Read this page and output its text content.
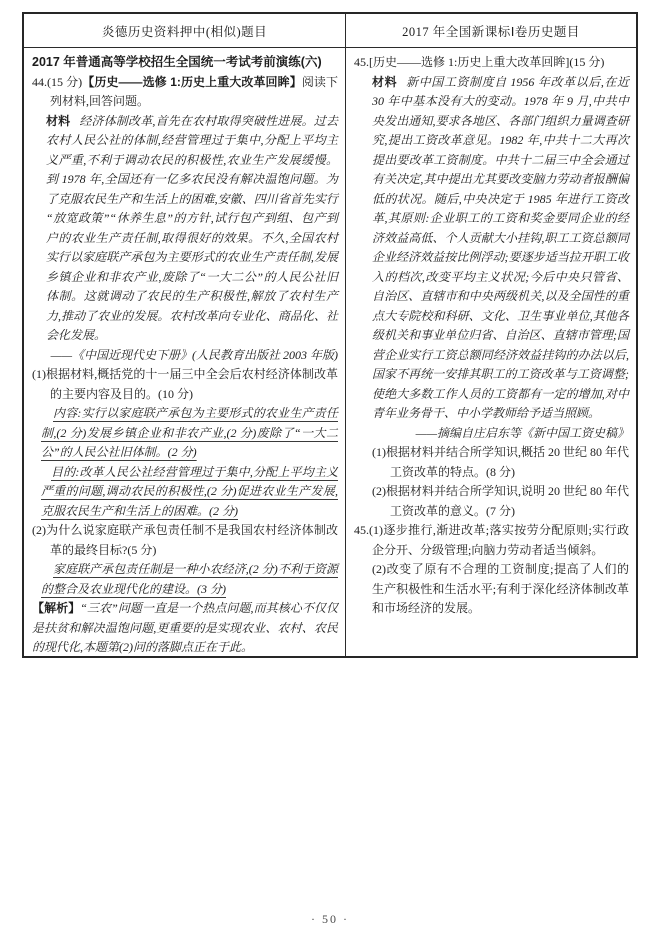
炎德历史资料押中(相似)题目	2017 年全国新课标Ⅰ卷历史题目

2017 年普通高等学校招生全国统一考试考前演练(六)

44.(15 分)【历史——选修 1:历史上重大改革回眸】阅读下列材料,回答问题。

材料 经济体制改革,首先在农村取得突破性进展。过去农村人民公社的体制,经营管理过于集中,分配上平均主义严重,不利于调动农民的积极性,农业生产发展缓慢。到 1978 年,全国还有一亿多农民没有解决温饱问题。为了克服农民生产和生活上的困难,安徽、四川省首先实行“放宽政策”“休养生息”的方针,试行包产到组、包产到户的农业生产责任制,取得很好的效果。不久,全国农村实行以家庭联产承包为主要形式的农业生产责任制,发展乡镇企业和非农产业,废除了“一大二公”的人民公社旧体制。这就调动了农民的生产积极性,解放了农村生产力,推动了农业的发展。农村改革向专业化、商品化、社会化发展。

——《中国近现代史下册》(人民教育出版社 2003 年版)

(1)根据材料,概括党的十一届三中全会后农村经济体制改革的主要内容及目的。(10 分)

内容:实行以家庭联产承包为主要形式的农业生产责任制,(2 分)发展乡镇企业和非农产业,(2 分)废除了“一大二公”的人民公社旧体制。(2 分)

目的:改革人民公社经营管理过于集中,分配上平均主义严重的问题,调动农民的积极性,(2 分)促进农业生产发展,克服农民生产和生活上的困难。(2 分)

(2)为什么说家庭联产承包责任制不是我国农村经济体制改革的最终目标?(5 分)

家庭联产承包责任制是一种小农经济,(2 分)不利于资源的整合及农业现代化的建设。(3 分)

【解析】“三农”问题一直是一个热点问题,而其核心不仅仅是扶贫和解决温饱问题,更重要的是实现农业、农村、农民的现代化,本题第(2)问的落脚点正在于此。

45.[历史——选修 1:历史上重大改革回眸](15 分)

材料 新中国工资制度自 1956 年改革以后,在近 30 年中基本没有大的变动。1978 年 9 月,中共中央发出通知,要求各地区、各部门组织力量调查研究,提出工资改革意见。1982 年,中共十二大再次提出要改革工资制度。中共十二届三中全会通过有关决定,其中提出尤其要改变脑力劳动者报酬偏低的状况。随后,中央决定于 1985 年进行工资改革,其原则:企业职工的工资和奖金要同企业的经济效益高低、个人贡献大小挂钩,职工工资总额同企业经济效益按比例浮动;要逐步适当拉开职工收入的档次,改变平均主义状况;今后中央只管省、自治区、直辖市和中央两级机关,以及全国性的重点大专院校和科研、文化、卫生事业单位,其他各级机关和事业单位归省、自治区、直辖市管理;国营企业实行工资总额同经济效益挂钩的办法以后,国家不再统一安排其职工的工资改革与工资调整;使绝大多数工作人员的工资都有一定的增加,对中青年业务骨干、中小学教师给予适当照顾。

——摘编自庄启东等《新中国工资史稿》

(1)根据材料并结合所学知识,概括 20 世纪 80 年代工资改革的特点。(8 分)

(2)根据材料并结合所学知识,说明 20 世纪 80 年代工资改革的意义。(7 分)

45.(1)逐步推行,渐进改革;落实按劳分配原则;实行政企分开、分级管理;向脑力劳动者适当倾斜。

(2)改变了原有不合理的工资制度;提高了人们的生产积极性和生活水平;有利于深化经济体制改革和市场经济的发展。

· 50 ·
